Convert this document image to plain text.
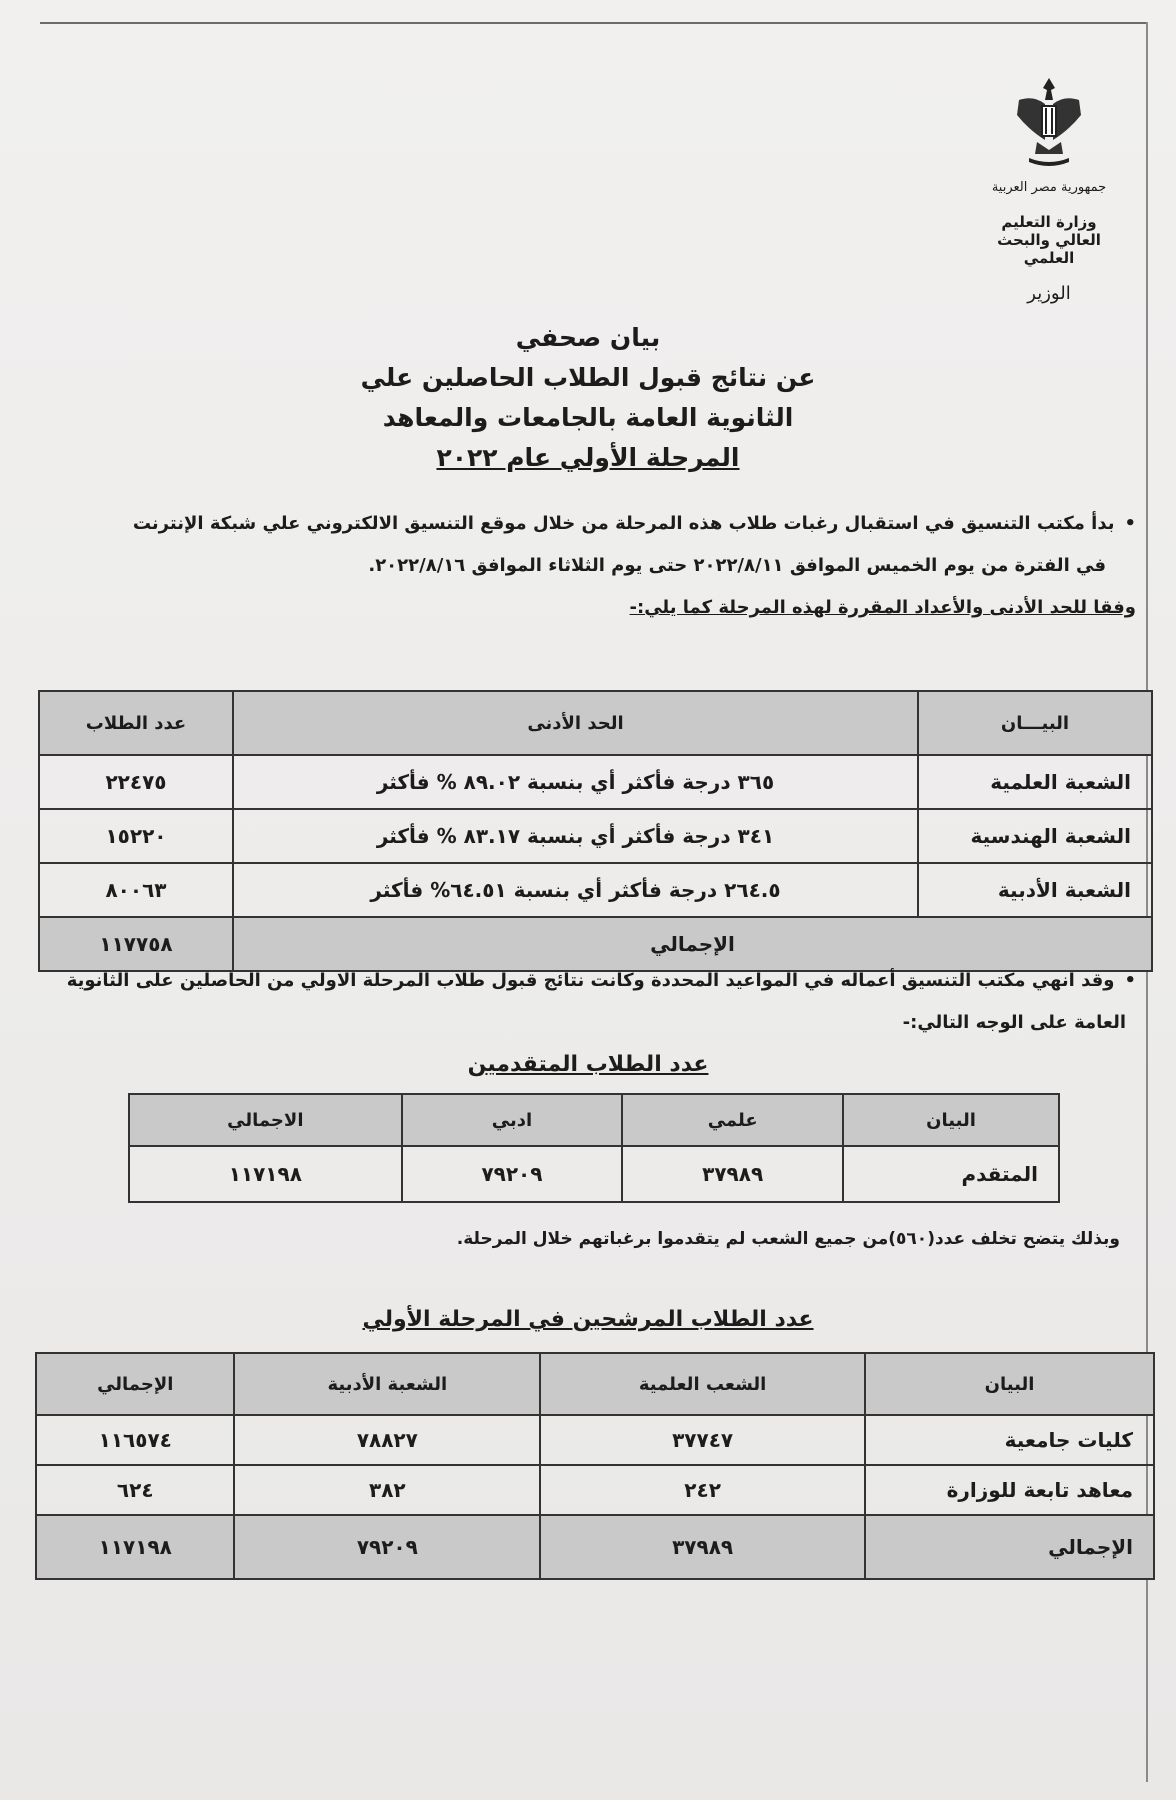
جمهورية مصر العربية
وزارة التعليم العالي والبحث العلمي
الوزير
بيان صحفي
عن نتائج قبول الطلاب الحاصلين علي
الثانوية العامة بالجامعات والمعاهد
المرحلة الأولي عام ٢٠٢٢
• بدأ مكتب التنسيق في استقبال رغبات طلاب هذه المرحلة من خلال موقع التنسيق الالكتروني علي شبكة الإنترنت
في الفترة من يوم الخميس الموافق ٢٠٢٢/٨/١١ حتى يوم الثلاثاء الموافق ٢٠٢٢/٨/١٦.
وفقا للحد الأدنى والأعداد المقررة لهذه المرحلة كما يلي:-
البيـــان	الحد الأدنى	عدد الطلاب
الشعبة العلمية	٣٦٥ درجة فأكثر أي بنسبة ٨٩.٠٢ % فأكثر	٢٢٤٧٥
الشعبة الهندسية	٣٤١ درجة فأكثر أي بنسبة ٨٣.١٧ % فأكثر	١٥٢٢٠
الشعبة الأدبية	٢٦٤.٥ درجة فأكثر أي بنسبة ٦٤.٥١% فأكثر	٨٠٠٦٣
الإجمالي		١١٧٧٥٨
• وقد انهي مكتب التنسيق أعماله في المواعيد المحددة وكانت نتائج قبول طلاب المرحلة الاولي من الحاصلين على الثانوية
العامة على الوجه التالي:-
عدد الطلاب المتقدمين
البيان	علمي	ادبي	الاجمالي
المتقدم	٣٧٩٨٩	٧٩٢٠٩	١١٧١٩٨
وبذلك يتضح تخلف عدد(٥٦٠)من جميع الشعب لم يتقدموا برغباتهم خلال المرحلة.
عدد الطلاب المرشحين في المرحلة الأولي
البيان	الشعب العلمية	الشعبة الأدبية	الإجمالي
كليات جامعية	٣٧٧٤٧	٧٨٨٢٧	١١٦٥٧٤
معاهد تابعة للوزارة	٢٤٢	٣٨٢	٦٢٤
الإجمالي	٣٧٩٨٩	٧٩٢٠٩	١١٧١٩٨
